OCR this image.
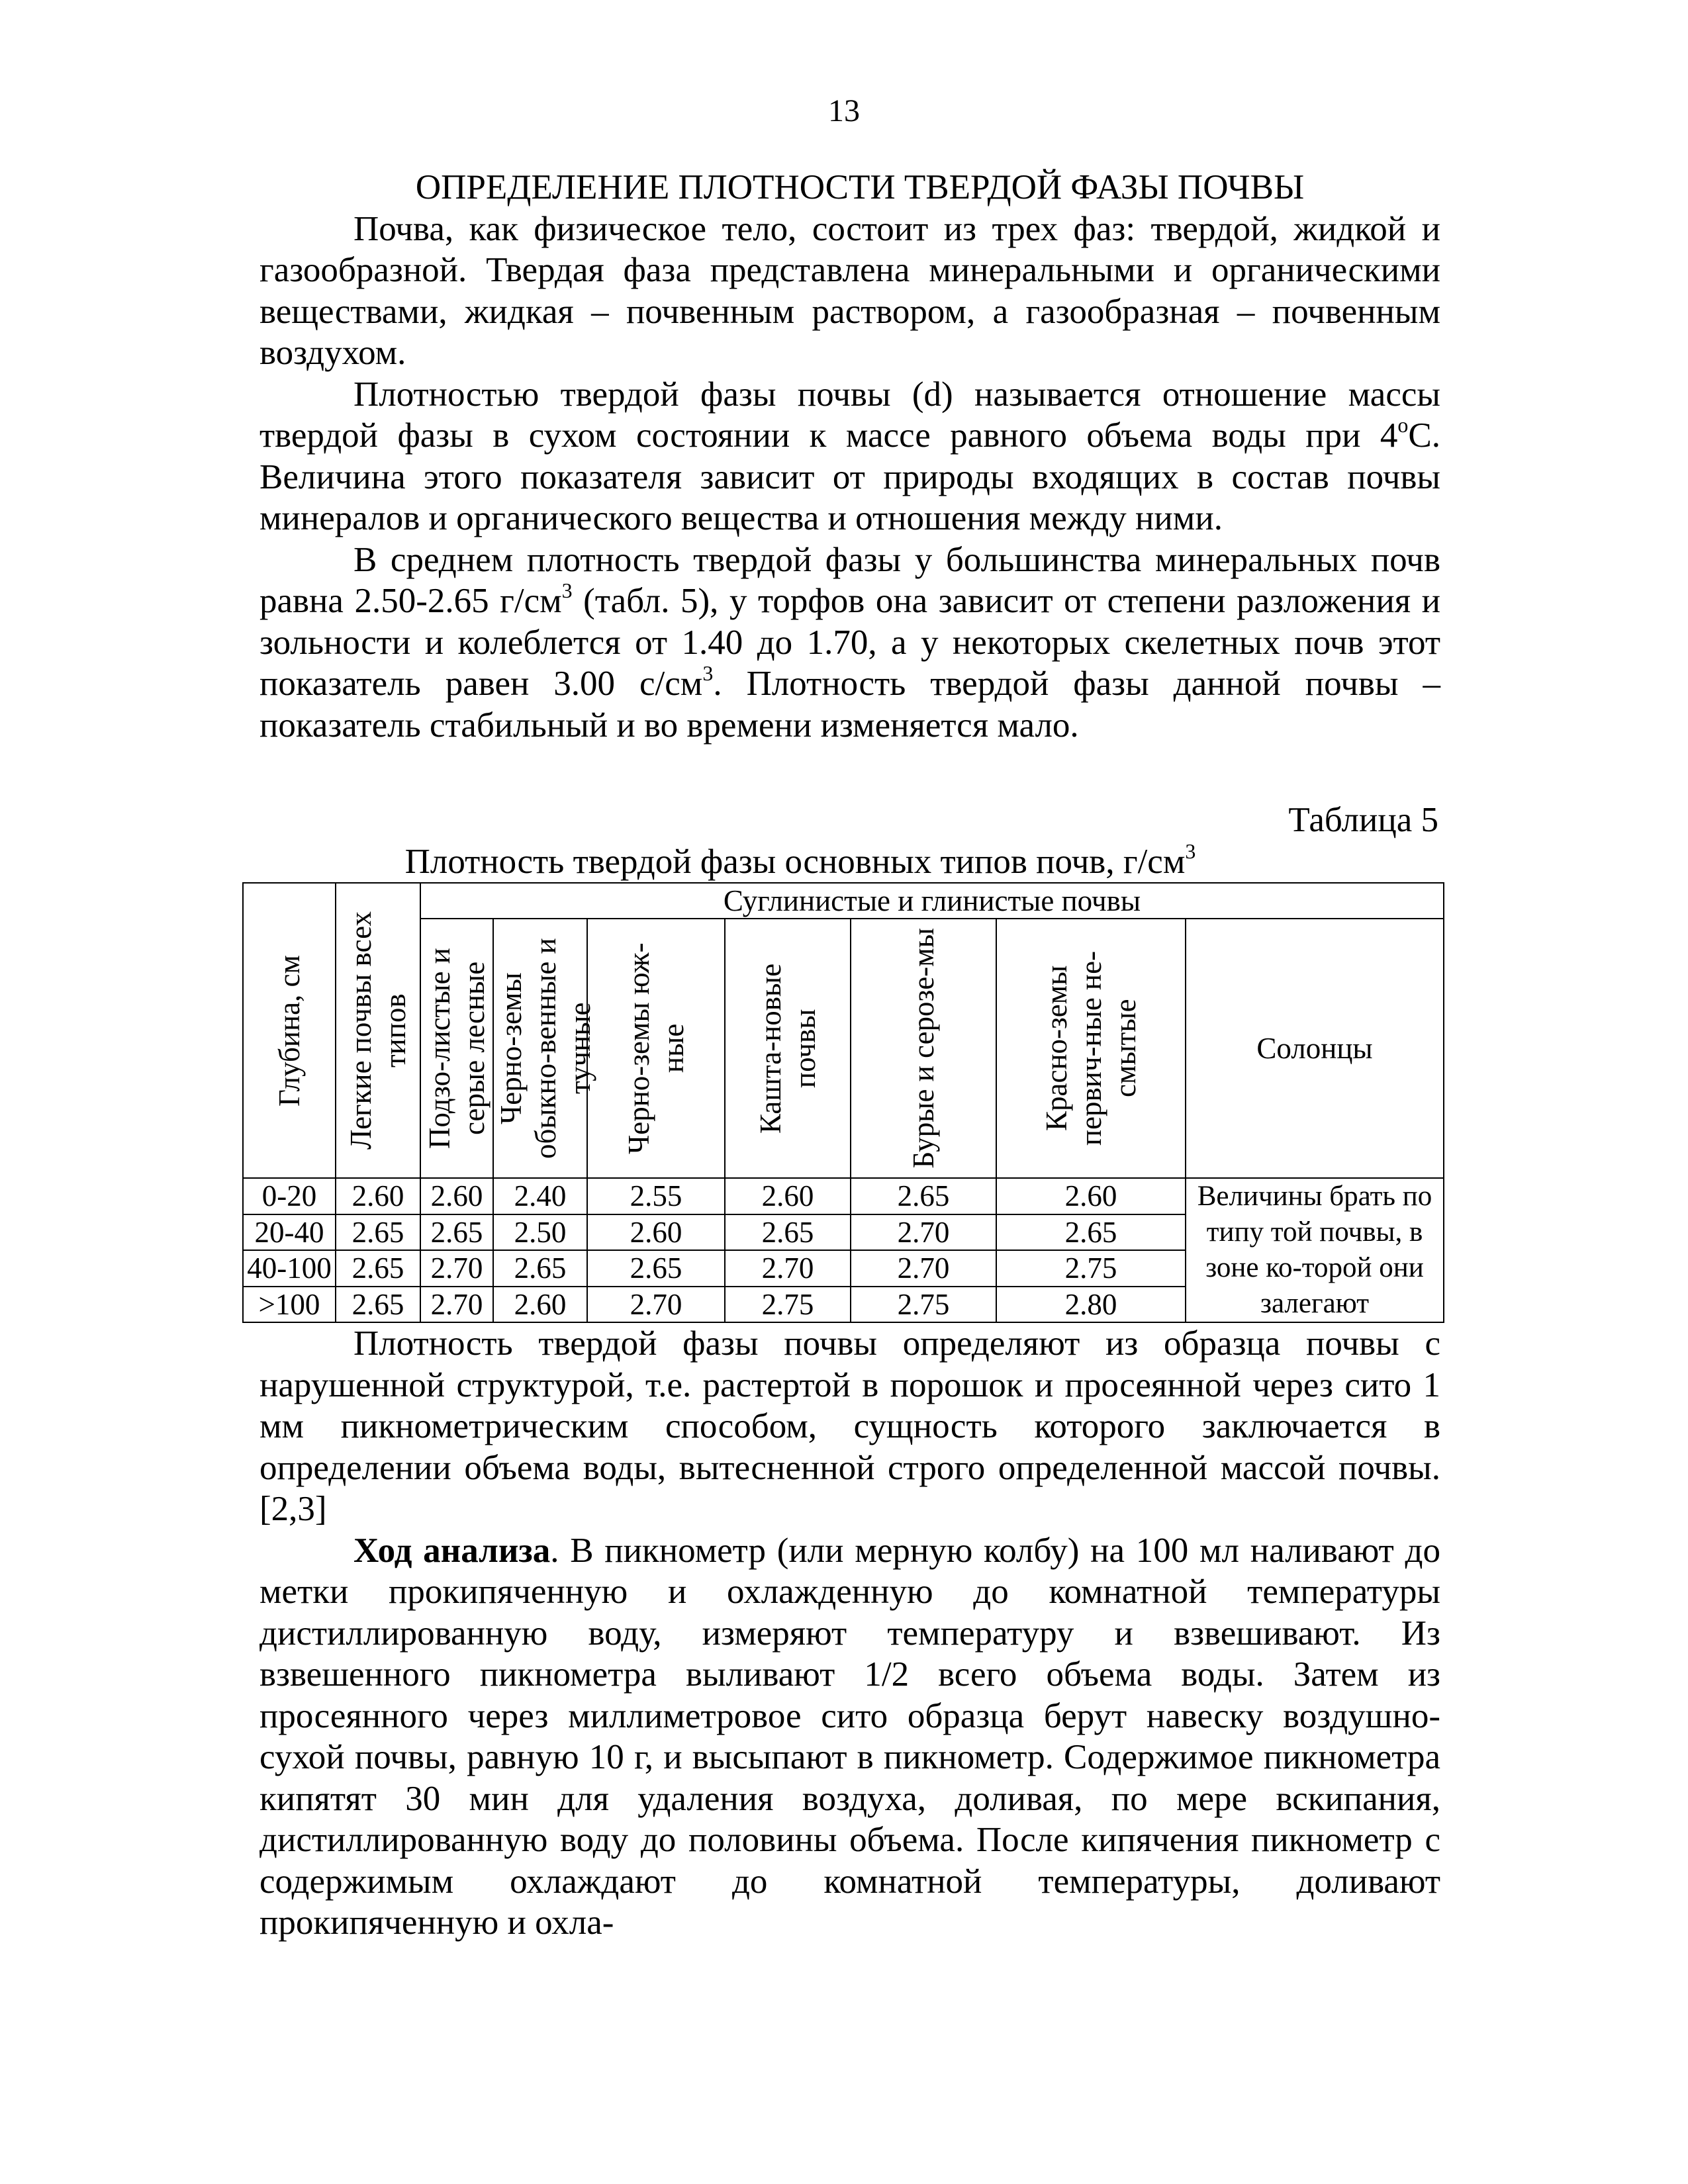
13

ОПРЕДЕЛЕНИЕ ПЛОТНОСТИ ТВЕРДОЙ ФАЗЫ ПОЧВЫ

Почва, как физическое тело, состоит из трех фаз: твердой, жидкой и газообразной. Твердая фаза представлена минеральными и органическими веществами, жидкая – почвенным раствором, а газообразная – почвенным воздухом.

Плотностью твердой фазы почвы (d) называется отношение массы твердой фазы в сухом состоянии к массе равного объема воды при $4^оС$. Величина этого показателя зависит от природы входящих в состав почвы минералов и органического вещества и отношения между ними.

В среднем плотность твердой фазы у большинства минеральных почв равна 2.50-2.65 $г/см^3$ (табл. 5), у торфов она зависит от степени разложения и зольности и колеблется от 1.40 до 1.70, а у некоторых скелетных почв этот показатель равен 3.00 $с/см^3$. Плотность твердой фазы данной почвы – показатель стабильный и во времени изменяется мало.

Таблица 5
Плотность твердой фазы основных типов почв, $г/см^3$
Глубина, см	Легкие почвы всех типов	Суглинистые и глинистые почвы						

		Подзо-листые и серые лесные	Черно-земы обыкно-венные и тучные	Черно-земы юж-ные	Кашта-новые почвы	Бурые и серозе-мы	Красно-земы первич-ные не-смытые	Солонцы
0-20	2.60	2.60	2.40	2.55	2.60	2.65	2.60	Величины брать по типу той почвы, в зоне ко-торой они залегают
20-40	2.65	2.65	2.50	2.60	2.65	2.70	2.65	
40-100	2.65	2.70	2.65	2.65	2.70	2.70	2.75	
>100	2.65	2.70	2.60	2.70	2.75	2.75	2.80	

Плотность твердой фазы почвы определяют из образца почвы с нарушенной структурой, т.е. растертой в порошок и просеянной через сито 1 мм пикнометрическим способом, сущность которого заключается в определении объема воды, вытесненной строго определенной массой почвы. [2,3]

Ход анализа. В пикнометр (или мерную колбу) на 100 мл наливают до метки прокипяченную и охлажденную до комнатной температуры дистиллированную воду, измеряют температуру и взвешивают. Из взвешенного пикнометра выливают 1/2 всего объема воды. Затем из просеянного через миллиметровое сито образца берут навеску воздушно-сухой почвы, равную 10 г, и высыпают в пикнометр. Содержимое пикнометра кипятят 30 мин для удаления воздуха, доливая, по мере вскипания, дистиллированную воду до половины объема. После кипячения пикнометр с содержимым охлаждают до комнатной температуры, доливают прокипяченную и охла-
